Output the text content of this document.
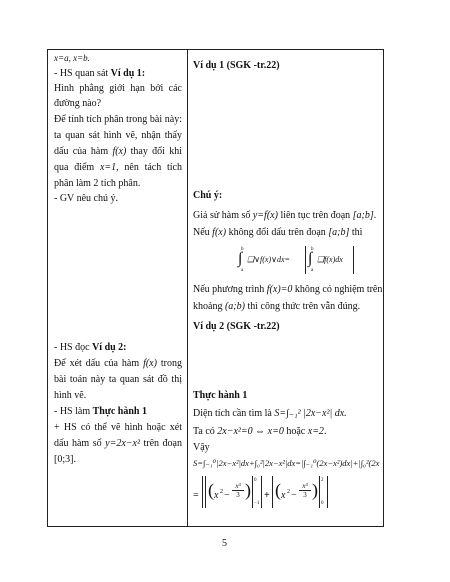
x=a, x=b.
- HS quan sát Ví dụ 1:
Hình phẳng giới hạn bởi các
đường nào?
Để tính tích phân trong bài này:
ta quan sát hình vẽ, nhận thấy
dấu của hàm f(x) thay đổi khi
qua điểm x=1, nên tách tích
phân làm 2 tích phân.
- GV nêu chú ý.
- HS đọc Ví dụ 2:
Để xét dấu của hàm f(x) trong
bài toán này ta quan sát đồ thị
hình vẽ.
- HS làm Thực hành 1
+ HS có thể vẽ hình hoặc xét
dấu hàm số y=2x−x² trên đoạn
[0;3].
Ví dụ 1 (SGK -tr.22)
Chú ý:
Giả sử hàm số y=f(x) liên tục trên đoạn [a;b].
Nếu f(x) không đổi dấu trên đoạn [a;b] thì
b
∫
a
❑∨f(x)∨dx=
b
∫
a
❑f(x)dx
Nếu phương trình f(x)=0 không có nghiệm trên
khoảng (a;b) thì công thức trên vẫn đúng.
Ví dụ 2 (SGK -tr.22)
Thực hành 1
Diện tích cần tìm là S=∫₋₁² |2x−x²| dx.
Ta có 2x−x²=0 ⇔ x=0 hoặc x=2.
Vậy
S=∫₋₁⁰|2x−x²|dx+∫₀²|2x−x²|dx=|∫₋₁⁰(2x−x²)dx|+|∫₀²(2x
= ( x $2 - \frac{\text{x³}}{3}$ ) 0
−1
+ ( x $2 - \frac{\text{x³}}{3}$ ) 2
0
5
